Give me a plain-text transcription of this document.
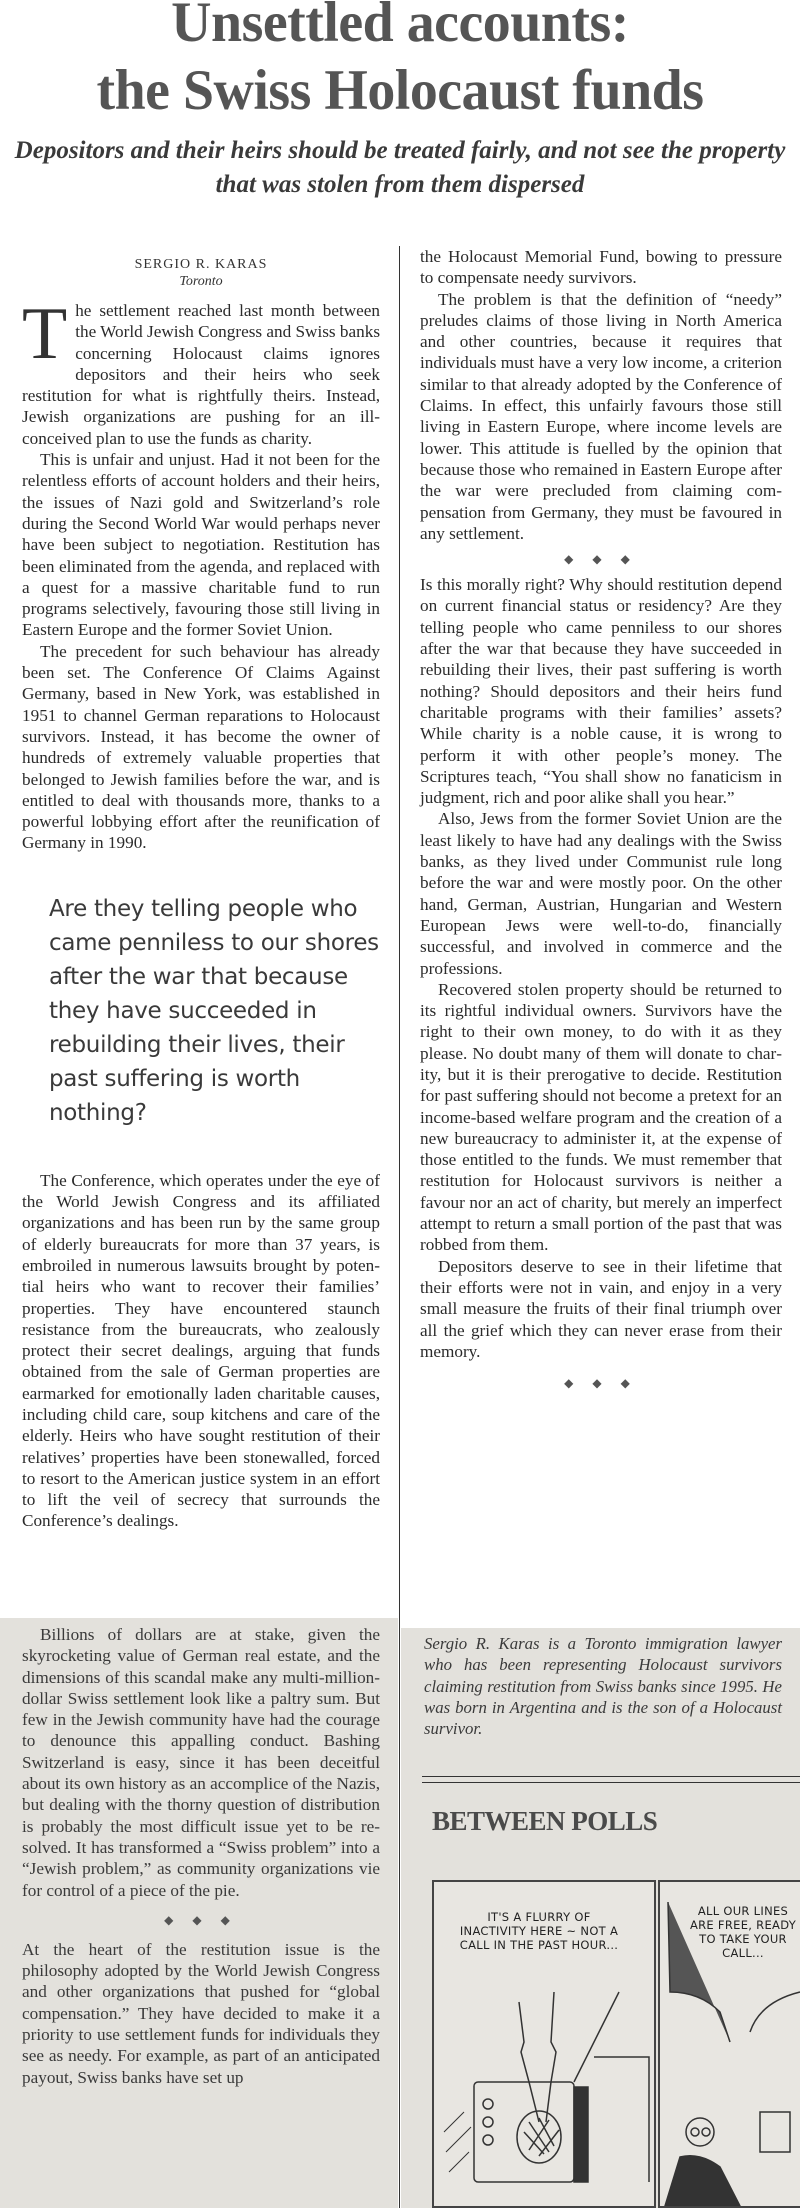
Unsettled accounts:
the Swiss Holocaust funds
Depositors and their heirs should be treated fairly, and not see the property that was stolen from them dispersed
SERGIO R. KARAS
Toronto

The settlement reached last month between the World Jewish Congress and Swiss banks concerning Holocaust claims ignores depositors and their heirs who seek restitution for what is rightfully theirs. Instead, Jewish organizations are pushing for an ill-conceived plan to use the funds as charity.

This is unfair and unjust. Had it not been for the relentless efforts of account holders and their heirs, the issues of Nazi gold and Switzerland’s role during the Second World War would perhaps never have been subject to negotiation. Restitution has been eliminated from the agenda, and replaced with a quest for a massive charitable fund to run programs selectively, favouring those still living in Eastern Europe and the former Soviet Union.

The precedent for such behaviour has already been set. The Conference Of Claims Against Germany, based in New York, was established in 1951 to channel German reparations to Holocaust survivors. Instead, it has become the owner of hundreds of extremely valuable properties that belonged to Jewish families before the war, and is entitled to deal with thousands more, thanks to a powerful lobbying effort after the reunification of Germany in 1990.

Are they telling people who came penniless to our shores after the war that because they have succeeded in rebuilding their lives, their past suffering is worth nothing?

The Conference, which operates under the eye of the World Jewish Congress and its affiliated organizations and has been run by the same group of elderly bureaucrats for more than 37 years, is embroiled in numerous lawsuits brought by potential heirs who want to recover their families’ properties. They have encountered staunch resistance from the bureaucrats, who zealously protect their secret dealings, arguing that funds obtained from the sale of German properties are earmarked for emotionally laden charitable causes, including child care, soup kitchens and care of the elderly. Heirs who have sought restitution of their relatives’ properties have been stonewalled, forced to resort to the American justice system in an effort to lift the veil of secrecy that surrounds the Conference’s dealings.

Billions of dollars are at stake, given the skyrocketing value of German real estate, and the dimensions of this scandal make any multi-million-dollar Swiss settlement look like a paltry sum. But few in the Jewish community have had the courage to denounce this appalling conduct. Bashing Switzerland is easy, since it has been deceitful about its own history as an accomplice of the Nazis, but dealing with the thorny question of distribution is probably the most difficult issue yet to be resolved. It has transformed a “Swiss problem” into a “Jewish problem,” as community organizations vie for control of a piece of the pie.

◆ ◆ ◆

At the heart of the restitution issue is the philosophy adopted by the World Jewish Congress and other organizations that pushed for “global compensation.” They have decided to make it a priority to use settlement funds for individuals they see as needy. For example, as part of an anticipated payout, Swiss banks have set up

the Holocaust Memorial Fund, bowing to pressure to compensate needy survivors.

The problem is that the definition of “needy” preludes claims of those living in North America and other countries, because it requires that individuals must have a very low income, a criterion similar to that already adopted by the Conference of Claims. In effect, this unfairly favours those still living in Eastern Europe, where income levels are lower. This attitude is fuelled by the opinion that because those who remained in Eastern Europe after the war were precluded from claiming compensation from Germany, they must be favoured in any settlement.

◆ ◆ ◆

Is this morally right? Why should restitution depend on current financial status or residency? Are they telling people who came penniless to our shores after the war that because they have succeeded in rebuilding their lives, their past suffering is worth nothing? Should depositors and their heirs fund charitable programs with their families’ assets? While charity is a noble cause, it is wrong to perform it with other people’s money. The Scriptures teach, “You shall show no fanaticism in judgment, rich and poor alike shall you hear.”

Also, Jews from the former Soviet Union are the least likely to have had any dealings with the Swiss banks, as they lived under Communist rule long before the war and were mostly poor. On the other hand, German, Austrian, Hungarian and Western European Jews were well-to-do, financially successful, and involved in commerce and the professions.

Recovered stolen property should be returned to its rightful individual owners. Survivors have the right to their own money, to do with it as they please. No doubt many of them will donate to charity, but it is their prerogative to decide. Restitution for past suffering should not become a pretext for an income-based welfare program and the creation of a new bureaucracy to administer it, at the expense of those entitled to the funds. We must remember that restitution for Holocaust survivors is neither a favour nor an act of charity, but merely an imperfect attempt to return a small portion of the past that was robbed from them.

Depositors deserve to see in their lifetime that their efforts were not in vain, and enjoy in a very small measure the fruits of their final triumph over all the grief which they can never erase from their memory.

◆ ◆ ◆
Sergio R. Karas is a Toronto immigration lawyer who has been representing Holocaust survivors claiming restitution from Swiss banks since 1995. He was born in Argentina and is the son of a Holocaust survivor.
BETWEEN POLLS
IT'S A FLURRY OF INACTIVITY HERE ~ NOT A CALL IN THE PAST HOUR...
ALL OUR LINES ARE FREE, READY TO TAKE YOUR CALL...
